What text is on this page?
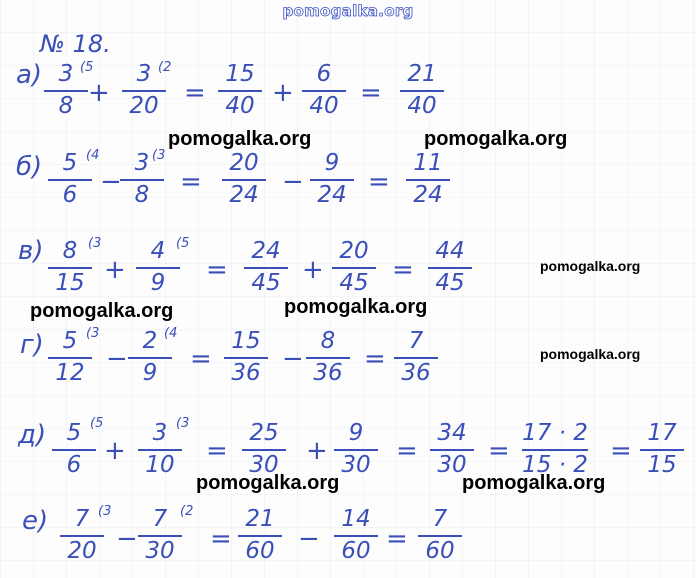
pomogalka.org
№ 18.
а) 3
8
(5
+
3
20
(2
=
15
40 +
6
40 =
21
40
б) 5
6
(4
−
3
8
(3
=
20
24 −
9
24 =
11
24
в) 8
15
(3
+
4
9
(5
=
24
45 +
20
45 =
44
45
г) 5
12
(3
−
2
9
(4
=
15
36 −
8
36 =
7
36
д) 5
6
(5
+
3
10
(3
=
25
30	+
9
30 =
34
30 =
17 · 2
15 · 2 =
17
15
е)	7
20
(3
−
7
30
(2
=
21
60 −
14
60 =
7
60
pomogalka.org	pomogalka.org
pomogalka.org
pomogalka.org	pomogalka.org
pomogalka.org
pomogalka.org	pomogalka.org
